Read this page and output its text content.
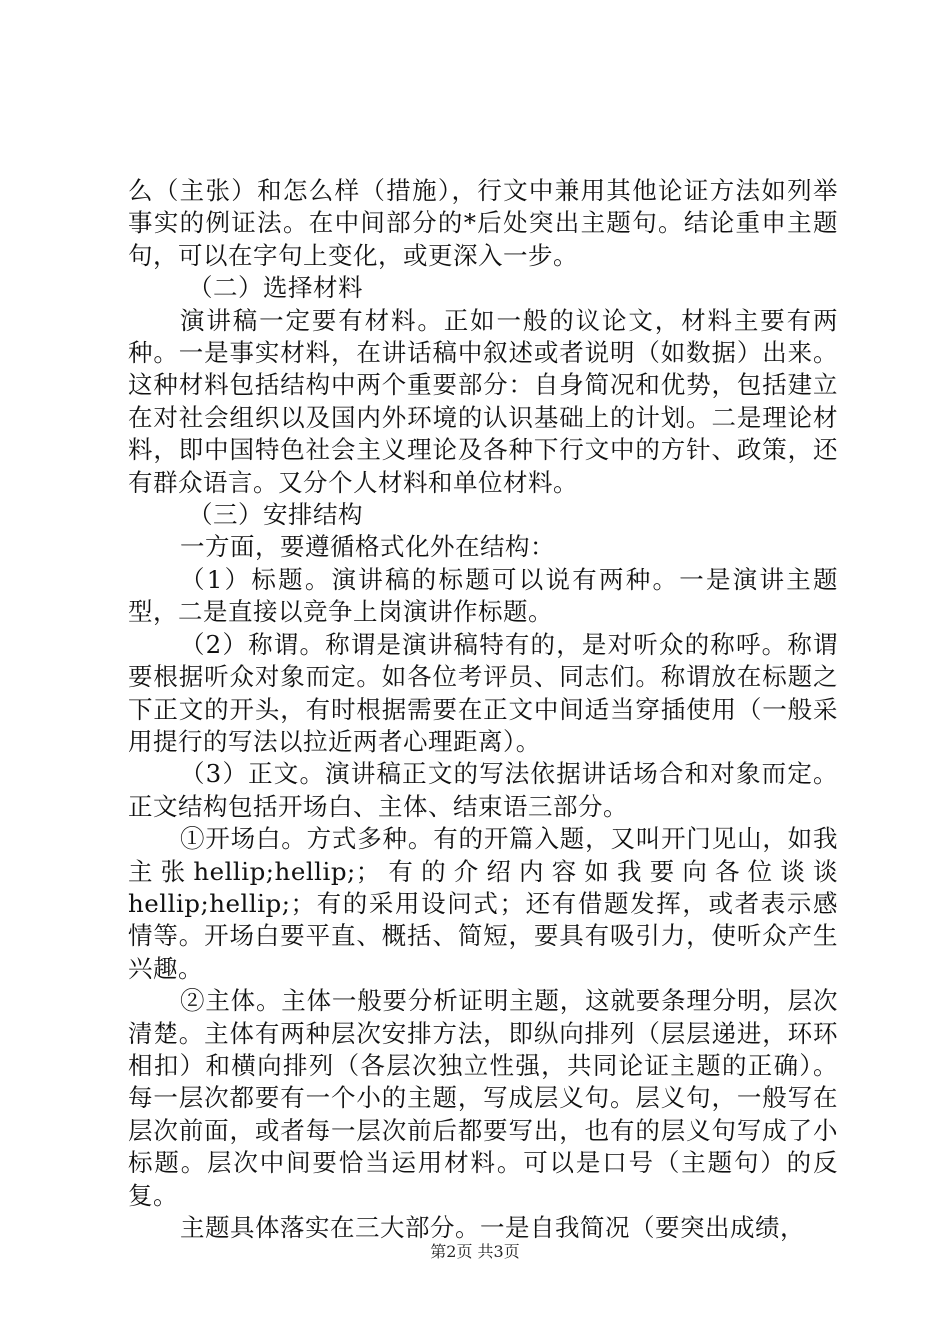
么（主张）和怎么样（措施），行文中兼用其他论证方法如列举事实的例证法。在中间部分的*后处突出主题句。结论重申主题句，可以在字句上变化，或更深入一步。

（二）选择材料

演讲稿一定要有材料。正如一般的议论文，材料主要有两种。一是事实材料，在讲话稿中叙述或者说明（如数据）出来。这种材料包括结构中两个重要部分：自身简况和优势，包括建立在对社会组织以及国内外环境的认识基础上的计划。二是理论材料，即中国特色社会主义理论及各种下行文中的方针、政策，还有群众语言。又分个人材料和单位材料。

（三）安排结构

一方面，要遵循格式化外在结构：

（1）标题。演讲稿的标题可以说有两种。一是演讲主题型，二是直接以竞争上岗演讲作标题。

（2）称谓。称谓是演讲稿特有的，是对听众的称呼。称谓要根据听众对象而定。如各位考评员、同志们。称谓放在标题之下正文的开头，有时根据需要在正文中间适当穿插使用（一般采用提行的写法以拉近两者心理距离）。

（3）正文。演讲稿正文的写法依据讲话场合和对象而定。正文结构包括开场白、主体、结束语三部分。

①开场白。方式多种。有的开篇入题，又叫开门见山，如我主张hellip;hellip;；有的介绍内容如我要向各位谈谈hellip;hellip;；有的采用设问式；还有借题发挥，或者表示感情等。开场白要平直、概括、简短，要具有吸引力，使听众产生兴趣。

②主体。主体一般要分析证明主题，这就要条理分明，层次清楚。主体有两种层次安排方法，即纵向排列（层层递进，环环相扣）和横向排列（各层次独立性强，共同论证主题的正确）。每一层次都要有一个小的主题，写成层义句。层义句，一般写在层次前面，或者每一层次前后都要写出，也有的层义句写成了小标题。层次中间要恰当运用材料。可以是口号（主题句）的反复。

主题具体落实在三大部分。一是自我简况（要突出成绩，

第2页 共3页
